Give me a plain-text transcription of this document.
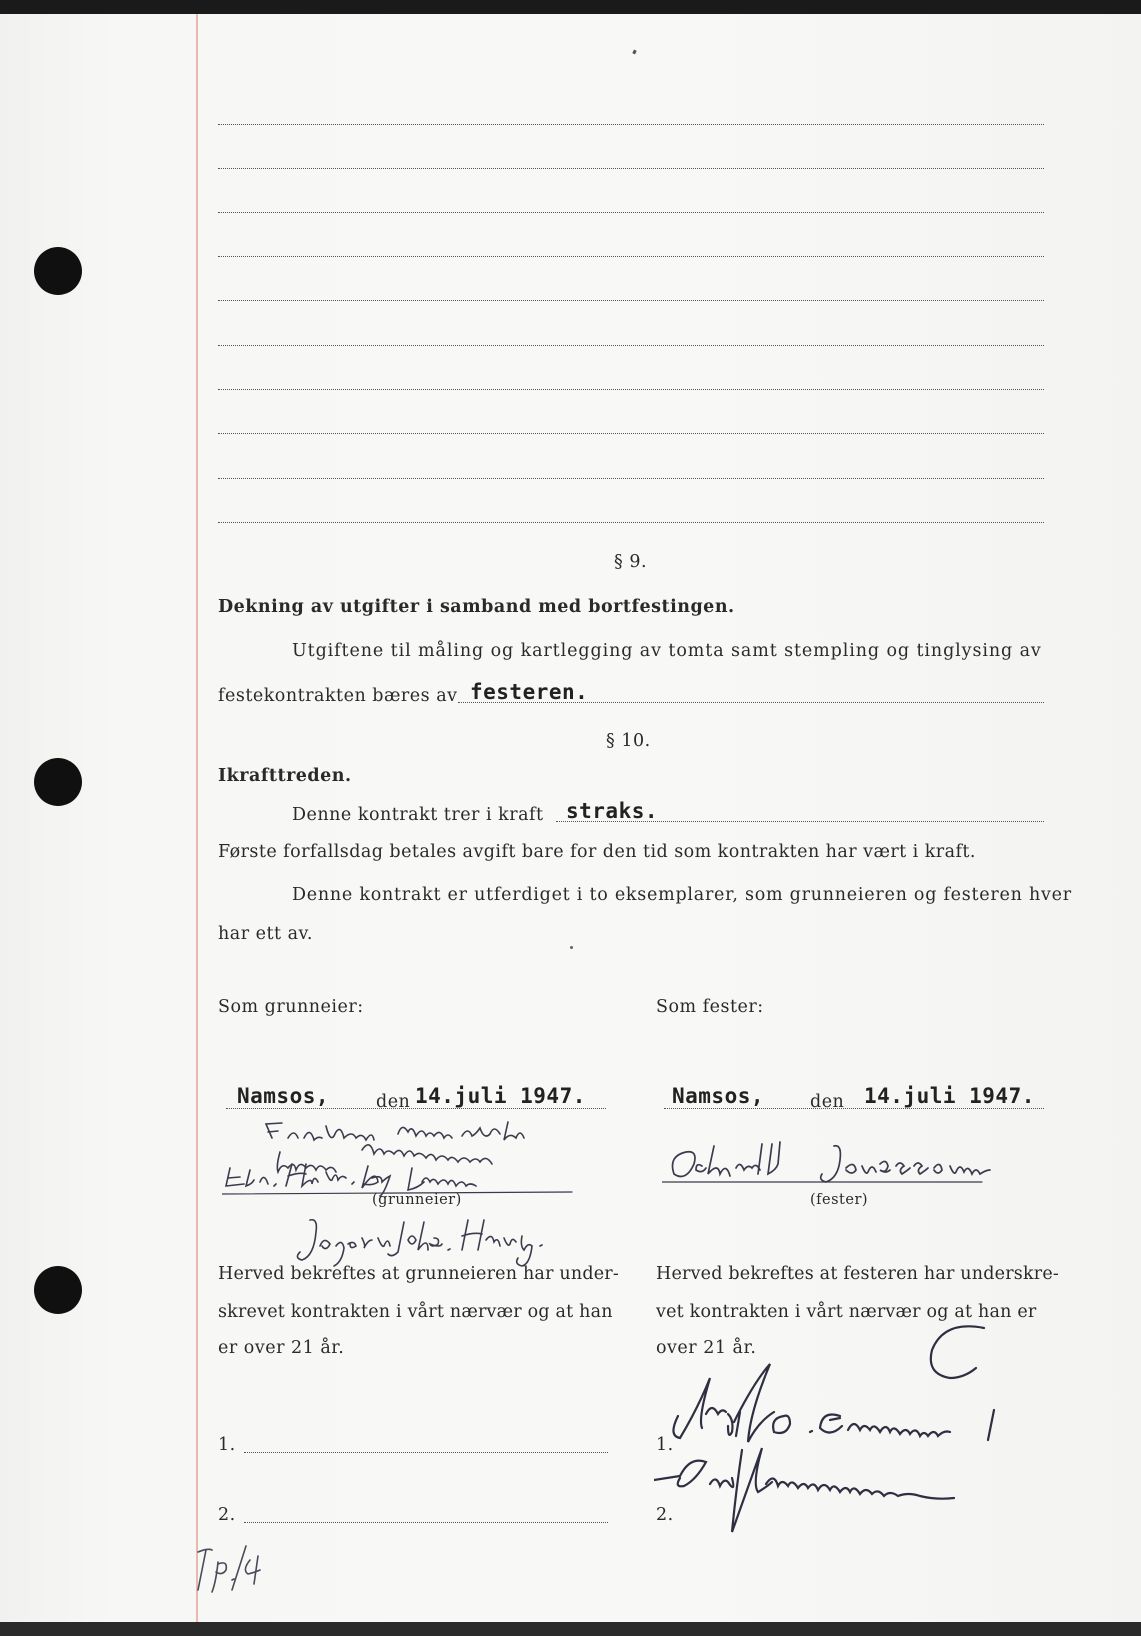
§ 9.
Dekning av utgifter i samband med bortfestingen.
Utgiftene til måling og kartlegging av tomta samt stempling og tinglysing av
festekontrakten bæres av festeren.
§ 10.
Ikrafttreden.
Denne kontrakt trer i kraft straks.
Første forfallsdag betales avgift bare for den tid som kontrakten har vært i kraft.
Denne kontrakt er utferdiget i to eksemplarer, som grunneieren og festeren hver
har ett av.
Som grunneier:
Namsos,	den 14.juli 1947.
(grunneier)
Herved bekreftes at grunneieren har under-
skrevet kontrakten i vårt nærvær og at han
er over 21 år.
1.
2.
Som fester:
Namsos,	den 14.juli 1947.
(fester)
Herved bekreftes at festeren har underskre-
vet kontrakten i vårt nærvær og at han er
over 21 år.
1.
2.
